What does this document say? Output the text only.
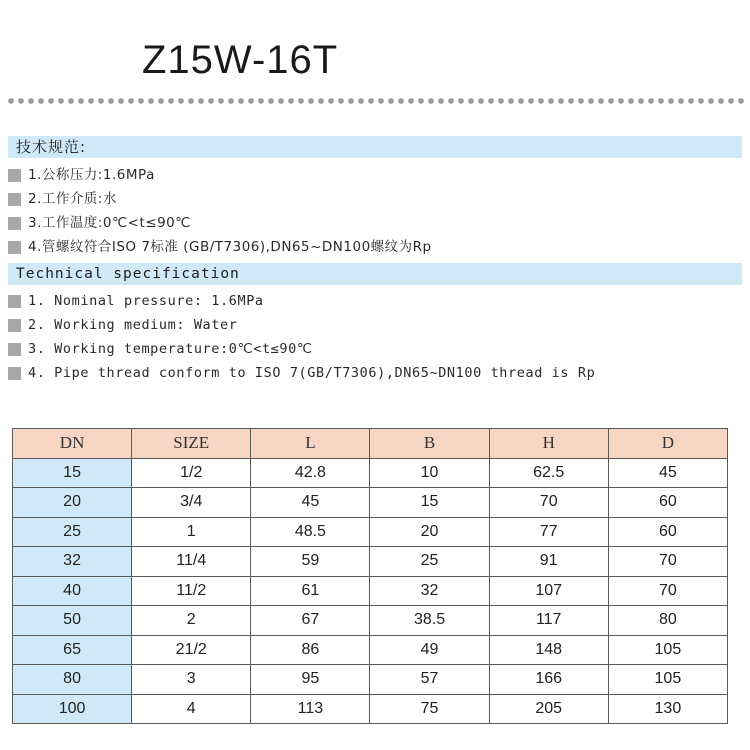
Z15W-16T
技术规范:
1.公称压力:1.6MPa
2.工作介质:水
3.工作温度:0℃<t≤90℃
4.管螺纹符合ISO 7标准 (GB/T7306),DN65~DN100螺纹为Rp
Technical specification
1. Nominal pressure: 1.6MPa
2. Working medium: Water
3. Working temperature:0℃<t≤90℃
4. Pipe thread conform to ISO 7(GB/T7306),DN65~DN100 thread is Rp
DN	SIZE	L	B	H	D
15	1/2	42.8	10	62.5	45
20	3/4	45	15	70	60
25	1	48.5	20	77	60
32	11/4	59	25	91	70
40	11/2	61	32	107	70
50	2	67	38.5	117	80
65	21/2	86	49	148	105
80	3	95	57	166	105
100	4	113	75	205	130
